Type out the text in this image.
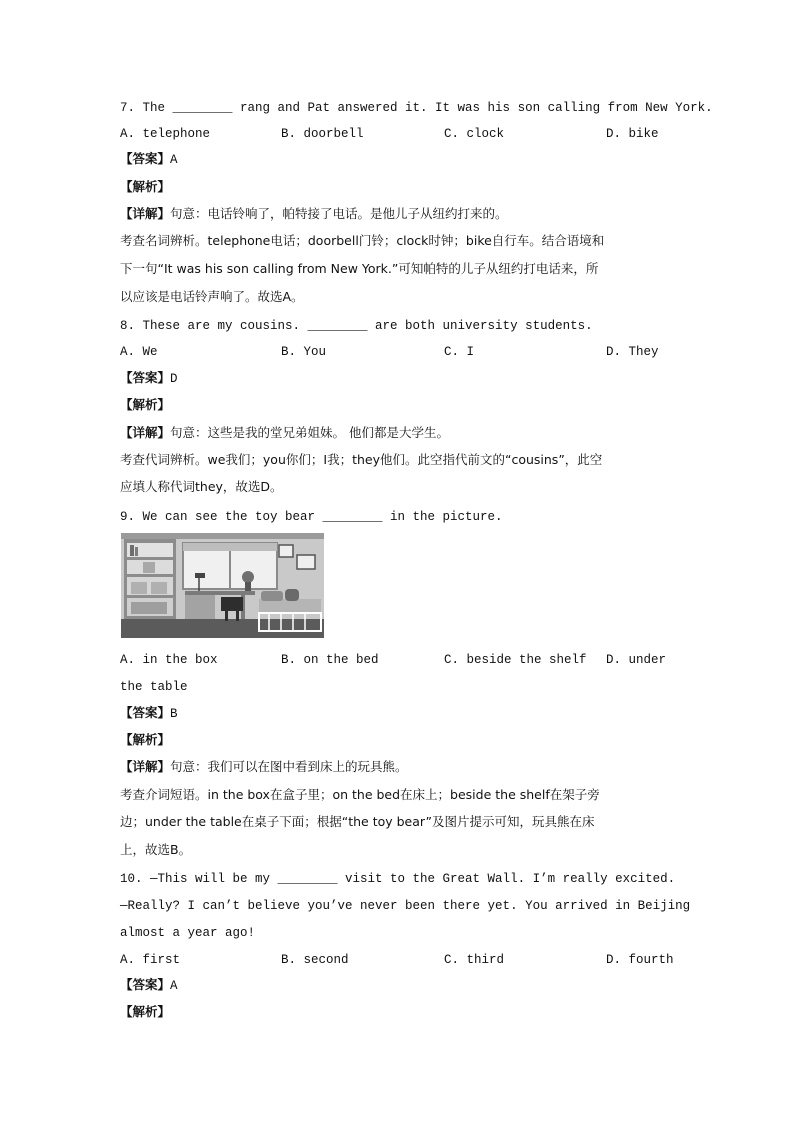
7. The ________ rang and Pat answered it. It was his son calling from New York.
A. telephone	B. doorbell	C. clock	D. bike
【答案】A
【解析】
【详解】句意：电话铃响了，帕特接了电话。是他儿子从纽约打来的。
考查名词辨析。telephone电话；doorbell门铃；clock时钟；bike自行车。结合语境和
下一句“It was his son calling from New York.”可知帕特的儿子从纽约打电话来，所
以应该是电话铃声响了。故选A。
8. These are my cousins. ________ are both university students.
A. We	B. You	C. I	D. They
【答案】D
【解析】
【详解】句意：这些是我的堂兄弟姐妹。 他们都是大学生。
考查代词辨析。we我们；you你们；I我；they他们。此空指代前文的“cousins”，此空
应填人称代词they，故选D。
9. We can see the toy bear ________ in the picture.
A. in the box	B. on the bed	C. beside the shelf D. under
the table
【答案】B
【解析】
【详解】句意：我们可以在图中看到床上的玩具熊。
考查介词短语。in the box在盒子里；on the bed在床上；beside the shelf在架子旁
边；under the table在桌子下面；根据“the toy bear”及图片提示可知，玩具熊在床
上，故选B。
10. —This will be my ________ visit to the Great Wall. I’m really excited.
—Really? I can’t believe you’ve never been there yet. You arrived in Beijing
almost a year ago!
A. first	B. second	C. third	D. fourth
【答案】A
【解析】
